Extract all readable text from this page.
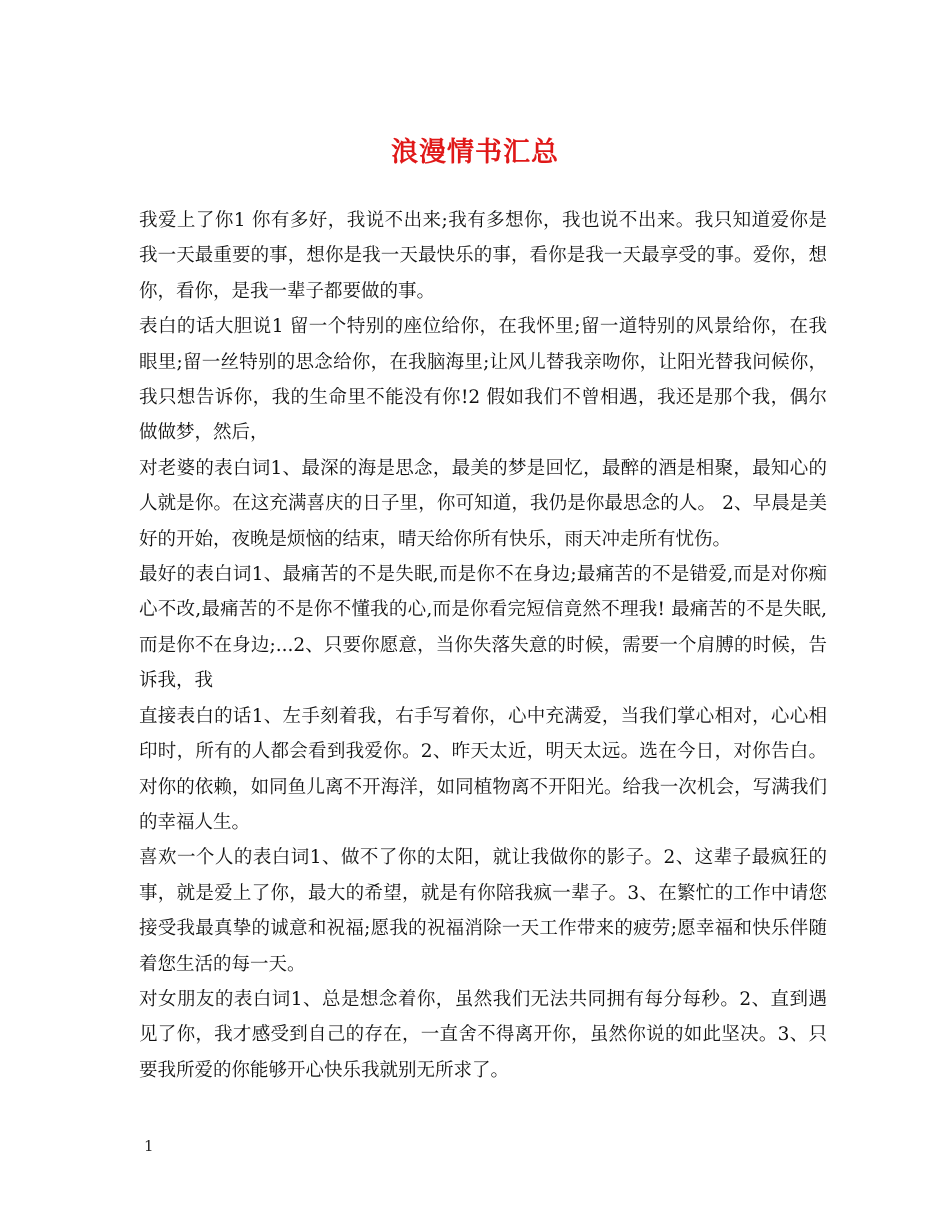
浪漫情书汇总

我爱上了你1 你有多好，我说不出来;我有多想你，我也说不出来。我只知道爱你是我一天最重要的事，想你是我一天最快乐的事，看你是我一天最享受的事。爱你，想你，看你，是我一辈子都要做的事。

表白的话大胆说1 留一个特别的座位给你，在我怀里;留一道特别的风景给你，在我眼里;留一丝特别的思念给你，在我脑海里;让风儿替我亲吻你，让阳光替我问候你，我只想告诉你，我的生命里不能没有你!2 假如我们不曾相遇，我还是那个我，偶尔做做梦，然后，

对老婆的表白词1、最深的海是思念，最美的梦是回忆，最醉的酒是相聚，最知心的人就是你。在这充满喜庆的日子里，你可知道，我仍是你最思念的人。 2、早晨是美好的开始，夜晚是烦恼的结束，晴天给你所有快乐，雨天冲走所有忧伤。

最好的表白词1、最痛苦的不是失眠,而是你不在身边;最痛苦的不是错爱,而是对你痴心不改,最痛苦的不是你不懂我的心,而是你看完短信竟然不理我! 最痛苦的不是失眠,而是你不在身边;...2、只要你愿意，当你失落失意的时候，需要一个肩膊的时候，告诉我，我

直接表白的话1、左手刻着我，右手写着你，心中充满爱，当我们掌心相对，心心相印时，所有的人都会看到我爱你。2、昨天太近，明天太远。选在今日，对你告白。对你的依赖，如同鱼儿离不开海洋，如同植物离不开阳光。给我一次机会，写满我们的幸福人生。

喜欢一个人的表白词1、做不了你的太阳，就让我做你的影子。2、这辈子最疯狂的事，就是爱上了你，最大的希望，就是有你陪我疯一辈子。3、在繁忙的工作中请您接受我最真挚的诚意和祝福;愿我的祝福消除一天工作带来的疲劳;愿幸福和快乐伴随着您生活的每一天。

对女朋友的表白词1、总是想念着你，虽然我们无法共同拥有每分每秒。2、直到遇见了你，我才感受到自己的存在，一直舍不得离开你，虽然你说的如此坚决。3、只要我所爱的你能够开心快乐我就别无所求了。

1
